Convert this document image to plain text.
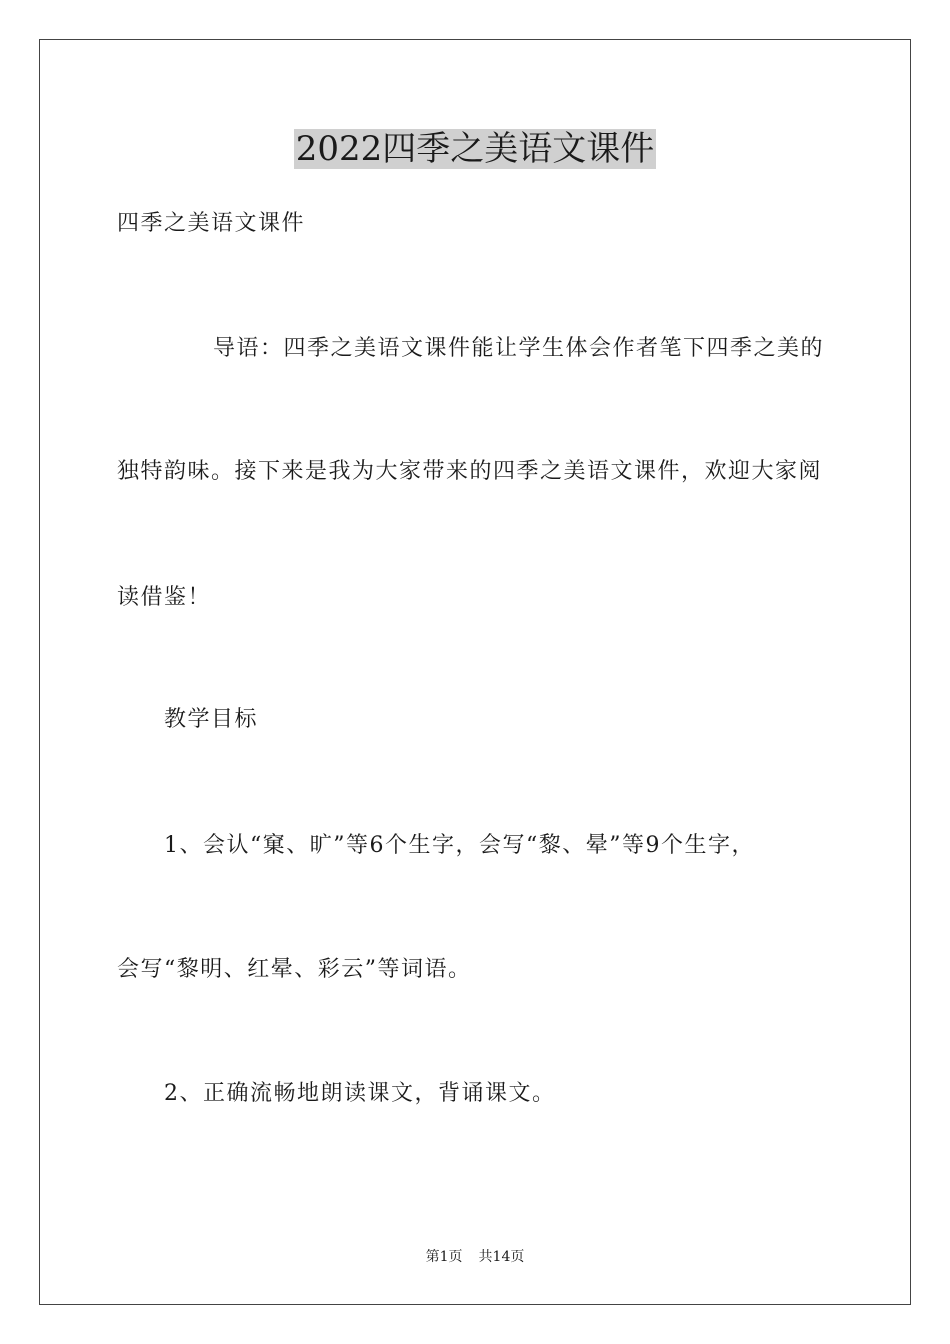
2022四季之美语文课件
四季之美语文课件
导语：四季之美语文课件能让学生体会作者笔下四季之美的
独特韵味。接下来是我为大家带来的四季之美语文课件，欢迎大家阅
读借鉴！
教学目标
1、会认“窠、旷”等6个生字，会写“黎、晕”等9个生字，
会写“黎明、红晕、彩云”等词语。
2、正确流畅地朗读课文，背诵课文。
第1页 共14页
